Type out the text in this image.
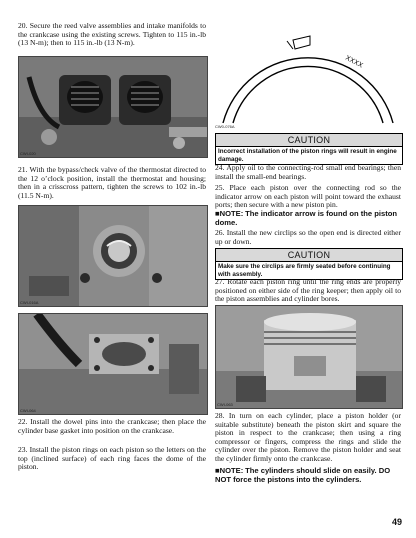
20. Secure the reed valve assemblies and intake manifolds to the crankcase using the existing screws. Tighten to 115 in.-lb (13 N-m); then to 115 in.-lb (13 N-m).

CWI-020

21. With the bypass/check valve of the thermostat directed to the 12 o’clock position, install the thermostat and housing; then in a crisscross pattern, tighten the screws to 102 in.-lb (11.5 N-m).

CWI-016A
CWI-064

22. Install the dowel pins into the crankcase; then place the cylinder base gasket into position on the crankcase.

23. Install the piston rings on each piston so the letters on the top (inclined surface) of each ring faces the dome of the piston.

XXXX
CW0-076A
CAUTION
Incorrect installation of the piston rings will result in engine damage.

24. Apply oil to the connecting-rod small end bearings; then install the small-end bearings.

25. Place each piston over the connecting rod so the indicator arrow on each piston will point toward the exhaust ports; then secure with a new piston pin.

■NOTE: The indicator arrow is found on the piston dome.

26. Install the new circlips so the open end is directed either up or down.

CAUTION
Make sure the circlips are firmly seated before continuing with assembly.

27. Rotate each piston ring until the ring ends are properly positioned on either side of the ring keeper; then apply oil to the piston assemblies and cylinder bores.

CWI-063

28. In turn on each cylinder, place a piston holder (or suitable substitute) beneath the piston skirt and square the piston in respect to the crankcase; then using a ring compressor or fingers, compress the rings and slide the cylinder over the piston. Remove the piston holder and seat the cylinder firmly onto the crankcase.

■NOTE: The cylinders should slide on easily. DO NOT force the pistons into the cylinders.

49
